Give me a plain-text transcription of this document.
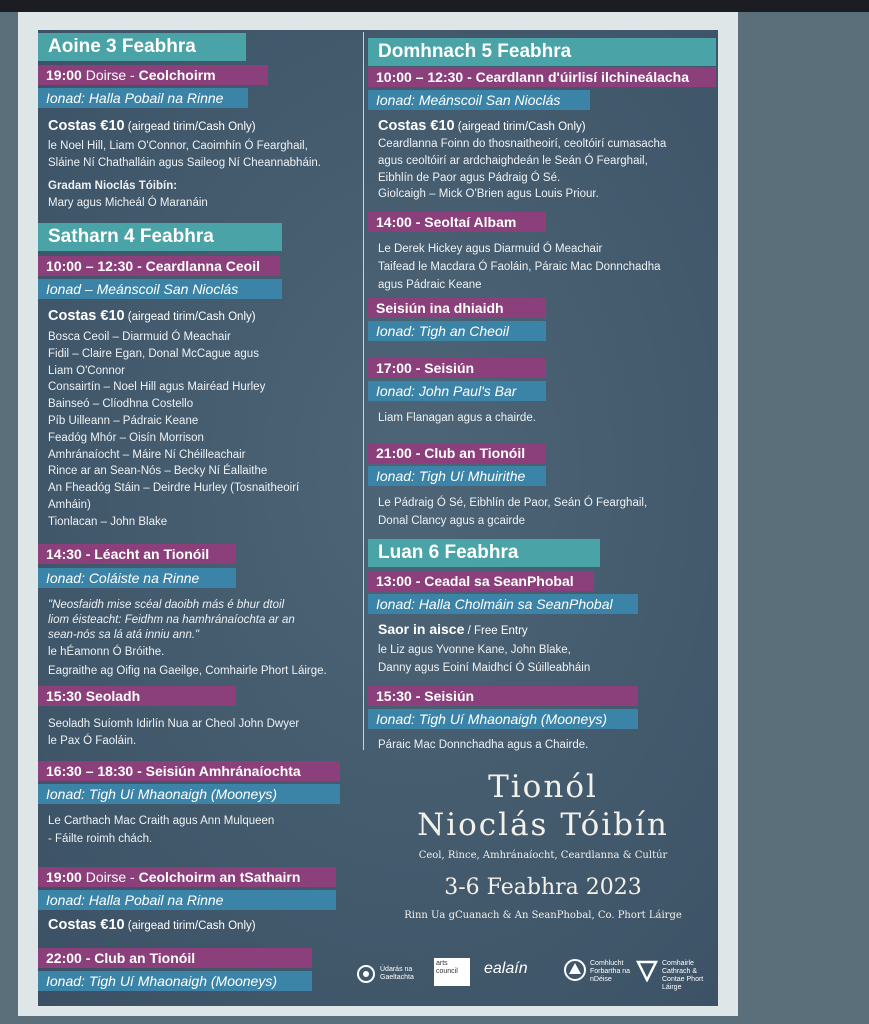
Aoine 3 Feabhra
19:00 Doirse - Ceolchoirm
Ionad: Halla Pobail na Rinne
Costas €10 (airgead tirim/Cash Only)
le Noel Hill, Liam O'Connor, Caoimhín Ó Fearghail,
Sláine Ní Chathalláin agus Saileog Ní Cheannabháin.
Gradam Nioclás Tóibín:
Mary agus Micheál Ó Maranáin
Satharn 4 Feabhra
10:00 – 12:30 - Ceardlanna Ceoil
Ionad – Meánscoil San Nioclás
Costas €10 (airgead tirim/Cash Only)
Bosca Ceoil – Diarmuid Ó Meachair
Fidil – Claire Egan, Donal McCague agus
Liam O'Connor
Consairtín – Noel Hill agus Mairéad Hurley
Bainseó – Clíodhna Costello
Píb Uilleann – Pádraic Keane
Feadóg Mhór – Oisín Morrison
Amhránaíocht – Máire Ní Chéilleachair
Rince ar an Sean-Nós – Becky Ní Éallaithe
An Fheadóg Stáin – Deirdre Hurley (Tosnaitheoirí
Amháin)
Tionlacan – John Blake
14:30 - Léacht an Tionóil
Ionad: Coláiste na Rinne
"Neosfaidh mise scéal daoibh más é bhur dtoil
liom éisteacht: Feidhm na hamhránaíochta ar an
sean-nós sa lá atá inniu ann."
le hÉamonn Ó Bróithe.
Eagraithe ag Oifig na Gaeilge, Comhairle Phort Láirge.
15:30 Seoladh
Seoladh Suíomh Idirlín Nua ar Cheol John Dwyer
le Pax Ó Faoláin.
16:30 – 18:30 - Seisiún Amhránaíochta
Ionad: Tigh Uí Mhaonaigh (Mooneys)
Le Carthach Mac Craith agus Ann Mulqueen
- Fáilte roimh chách.
19:00 Doirse - Ceolchoirm an tSathairn
Ionad: Halla Pobail na Rinne
Costas €10 (airgead tirim/Cash Only)
22:00 - Club an Tionóil
Ionad: Tigh Uí Mhaonaigh (Mooneys)
Domhnach 5 Feabhra
10:00 – 12:30 - Ceardlann d'úirlisí ilchineálacha
Ionad: Meánscoil San Nioclás
Costas €10 (airgead tirim/Cash Only)
Ceardlanna Foinn do thosnaitheoirí, ceoltóirí cumasacha
agus ceoltóirí ar ardchaighdeán le Seán Ó Fearghail,
Eibhlín de Paor agus Pádraig Ó Sé.
Giolcaigh – Mick O'Brien agus Louis Priour.
14:00 - Seoltaí Albam
Le Derek Hickey agus Diarmuid Ó Meachair
Taifead le Macdara Ó Faoláin, Páraic Mac Donnchadha
agus Pádraic Keane
Seisiún ina dhiaidh
Ionad: Tigh an Cheoil
17:00 - Seisiún
Ionad: John Paul's Bar
Liam Flanagan agus a chairde.
21:00 - Club an Tionóil
Ionad: Tigh Uí Mhuirithe
Le Pádraig Ó Sé, Eibhlín de Paor, Seán Ó Fearghail,
Donal Clancy agus a gcairde
Luan 6 Feabhra
13:00 - Ceadal sa SeanPhobal
Ionad: Halla Cholmáin sa SeanPhobal
Saor in aisce / Free Entry
le Liz agus Yvonne Kane, John Blake,
Danny agus Eoiní Maidhcí Ó Súilleabháin
15:30 - Seisiún
Ionad: Tigh Uí Mhaonaigh (Mooneys)
Páraic Mac Donnchadha agus a Chairde.
Tionól
Nioclás Tóibín
Ceol, Rince, Amhránaíocht, Ceardlanna & Cultúr
3-6 Feabhra 2023
Rinn Ua gCuanach & An SeanPhobal, Co. Phort Láirge
Údarás na Gaeltachta
arts council	ealaín	Comhlucht Forbartha na nDéise
Comhairle Cathrach & Contae Phort Láirge
